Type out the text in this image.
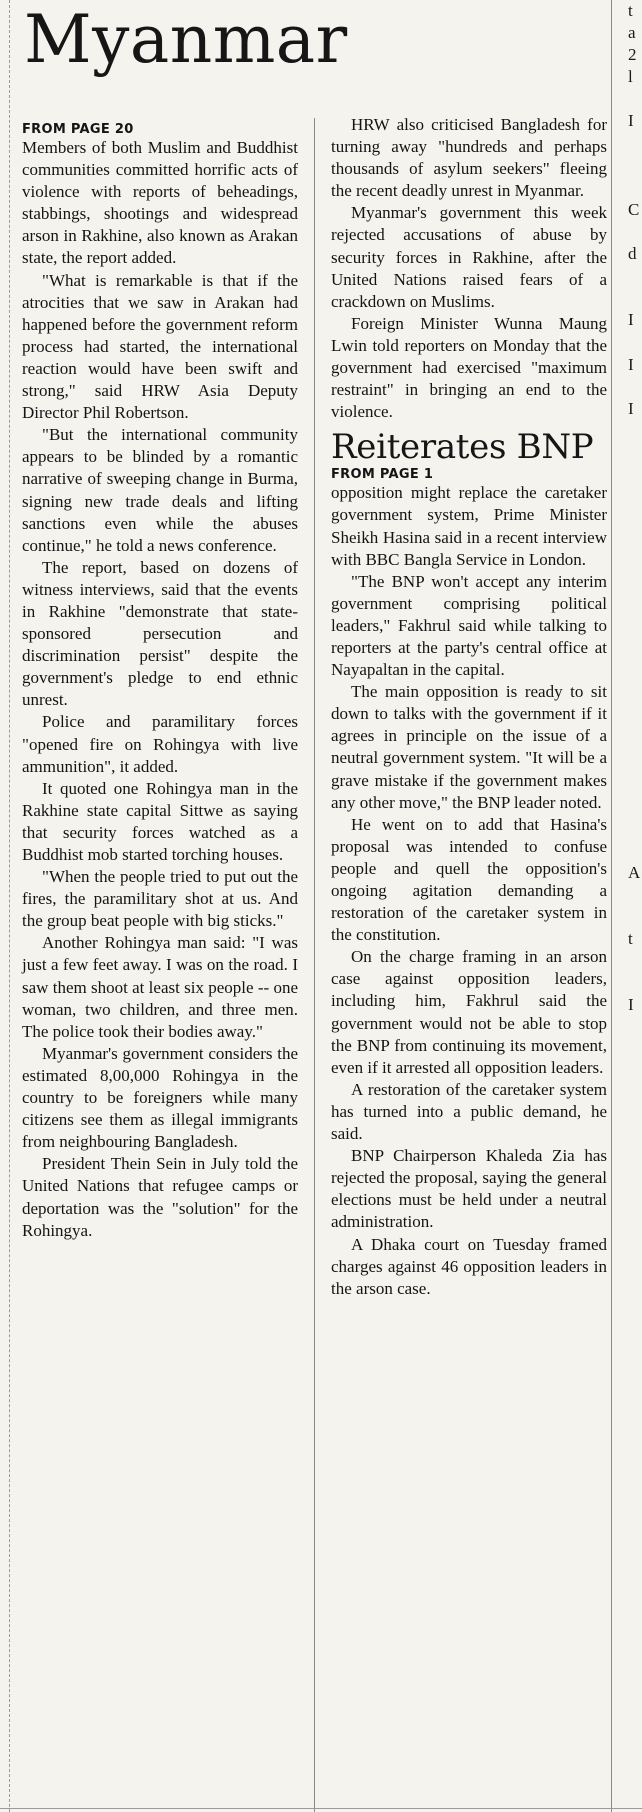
Myanmar
FROM PAGE 20

Members of both Muslim and Buddhist communities committed horrific acts of violence with reports of beheadings, stabbings, shootings and widespread arson in Rakhine, also known as Arakan state, the report added.

"What is remarkable is that if the atrocities that we saw in Arakan had happened before the government reform process had started, the international reaction would have been swift and strong," said HRW Asia Deputy Director Phil Robertson.

"But the international community appears to be blinded by a romantic narrative of sweeping change in Burma, signing new trade deals and lifting sanctions even while the abuses continue," he told a news conference.

The report, based on dozens of witness interviews, said that the events in Rakhine "demonstrate that state-sponsored persecution and discrimination persist" despite the government's pledge to end ethnic unrest.

Police and paramilitary forces "opened fire on Rohingya with live ammunition", it added.

It quoted one Rohingya man in the Rakhine state capital Sittwe as saying that security forces watched as a Buddhist mob started torching houses.

"When the people tried to put out the fires, the paramilitary shot at us. And the group beat people with big sticks."

Another Rohingya man said: "I was just a few feet away. I was on the road. I saw them shoot at least six people -- one woman, two children, and three men. The police took their bodies away."

Myanmar's government considers the estimated 8,00,000 Rohingya in the country to be foreigners while many citizens see them as illegal immigrants from neighbouring Bangladesh.

President Thein Sein in July told the United Nations that refugee camps or deportation was the "solution" for the Rohingya.

HRW also criticised Bangladesh for turning away "hundreds and perhaps thousands of asylum seekers" fleeing the recent deadly unrest in Myanmar.

Myanmar's government this week rejected accusations of abuse by security forces in Rakhine, after the United Nations raised fears of a crackdown on Muslims.

Foreign Minister Wunna Maung Lwin told reporters on Monday that the government had exercised "maximum restraint" in bringing an end to the violence.

Reiterates BNP
FROM PAGE 1

opposition might replace the caretaker government system, Prime Minister Sheikh Hasina said in a recent interview with BBC Bangla Service in London.

"The BNP won't accept any interim government comprising political leaders," Fakhrul said while talking to reporters at the party's central office at Nayapaltan in the capital.

The main opposition is ready to sit down to talks with the government if it agrees in principle on the issue of a neutral government system. "It will be a grave mistake if the government makes any other move," the BNP leader noted.

He went on to add that Hasina's proposal was intended to confuse people and quell the opposition's ongoing agitation demanding a restoration of the caretaker system in the constitution.

On the charge framing in an arson case against opposition leaders, including him, Fakhrul said the government would not be able to stop the BNP from continuing its movement, even if it arrested all opposition leaders.

A restoration of the caretaker system has turned into a public demand, he said.

BNP Chairperson Khaleda Zia has rejected the proposal, saying the general elections must be held under a neutral administration.

A Dhaka court on Tuesday framed charges against 46 opposition leaders in the arson case.

t
a
2
l

I

C

d

I

I

I

A

t

I
